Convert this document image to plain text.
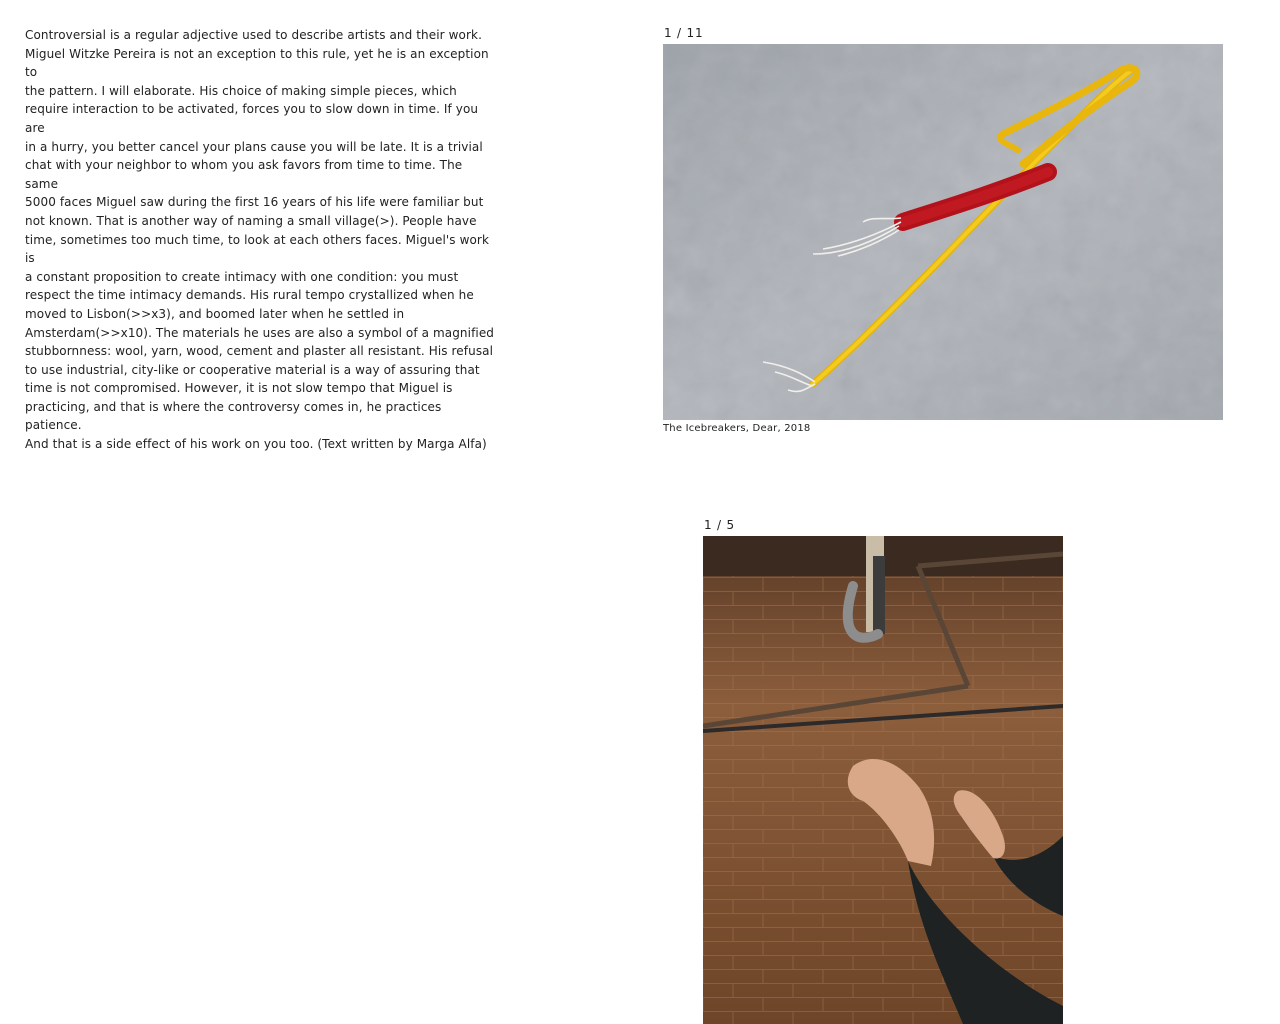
Controversial is a regular adjective used to describe artists and their work.
Miguel Witzke Pereira is not an exception to this rule, yet he is an exception to
the pattern. I will elaborate. His choice of making simple pieces, which
require interaction to be activated, forces you to slow down in time. If you are
in a hurry, you better cancel your plans cause you will be late. It is a trivial
chat with your neighbor to whom you ask favors from time to time. The same
5000 faces Miguel saw during the first 16 years of his life were familiar but
not known. That is another way of naming a small village(>). People have
time, sometimes too much time, to look at each others faces. Miguel's work is
a constant proposition to create intimacy with one condition: you must
respect the time intimacy demands. His rural tempo crystallized when he
moved to Lisbon(>>x3), and boomed later when he settled in
Amsterdam(>>x10). The materials he uses are also a symbol of a magnified
stubbornness: wool, yarn, wood, cement and plaster all resistant. His refusal
to use industrial, city-like or cooperative material is a way of assuring that
time is not compromised. However, it is not slow tempo that Miguel is
practicing, and that is where the controversy comes in, he practices patience.
And that is a side effect of his work on you too. (Text written by Marga Alfa)
1 / 11
The Icebreakers, Dear, 2018
1 / 5
